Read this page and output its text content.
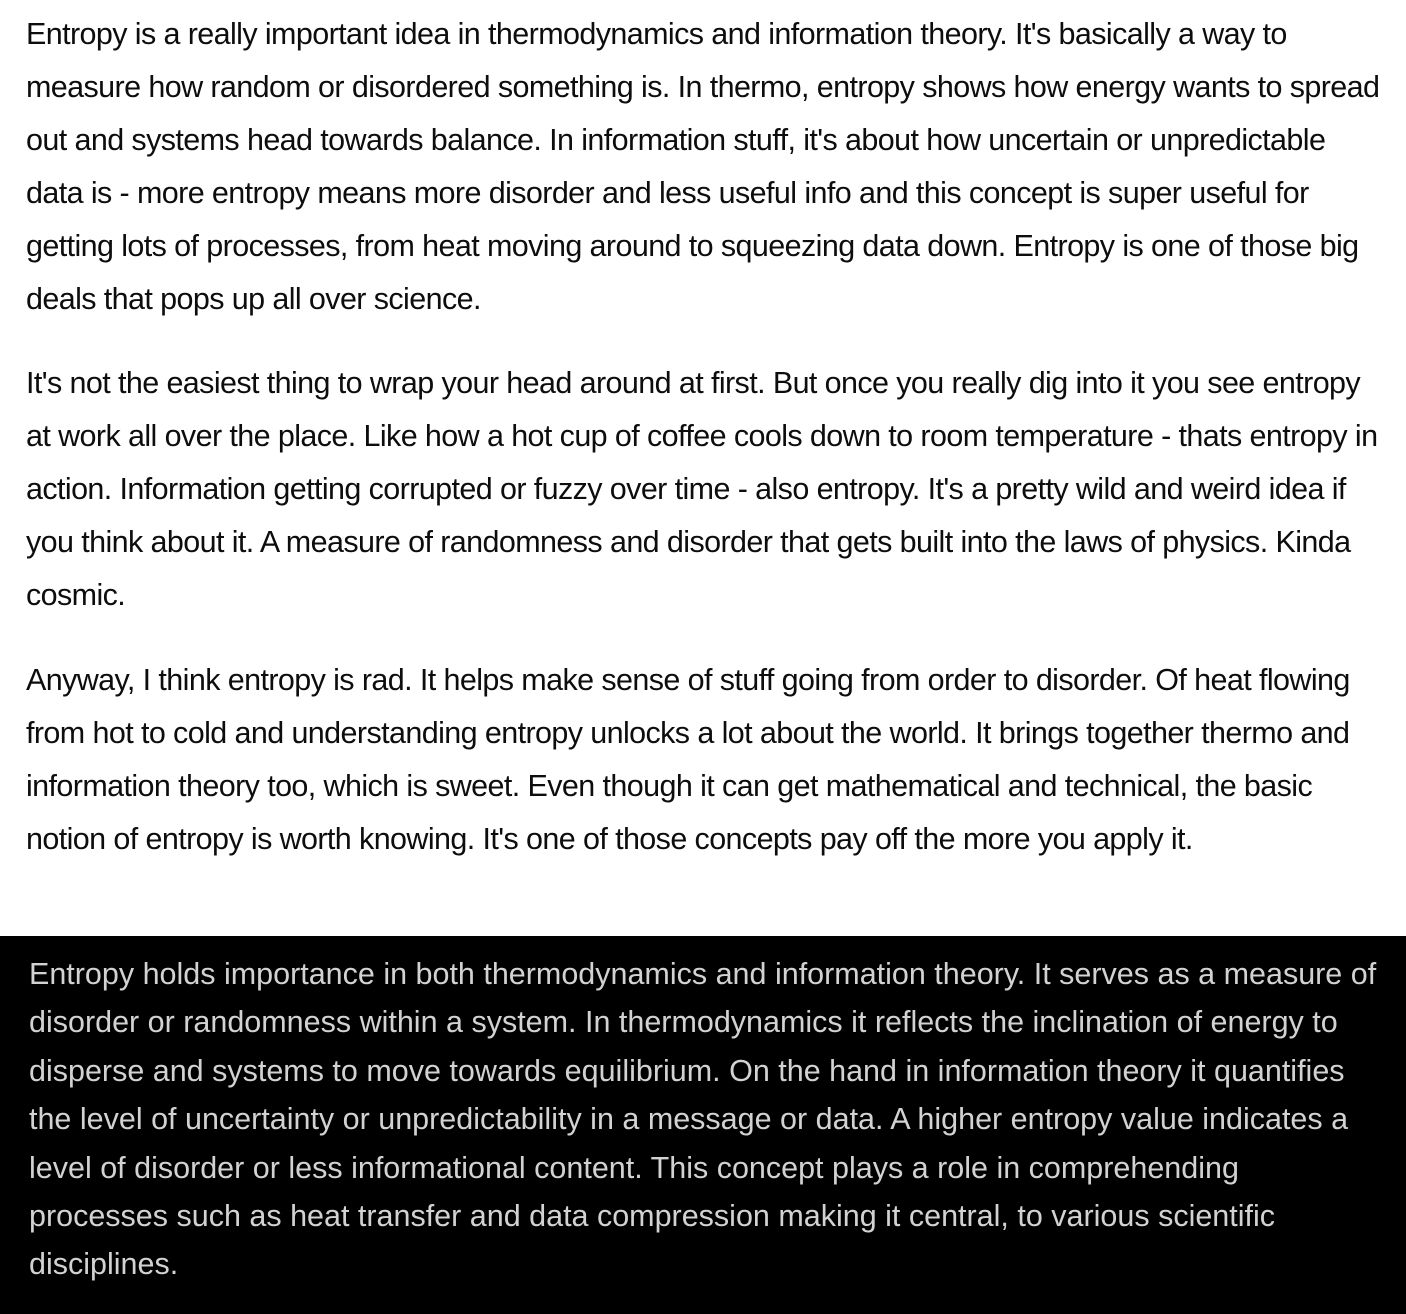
Entropy is a really important idea in thermodynamics and information theory. It's basically a way to measure how random or disordered something is. In thermo, entropy shows how energy wants to spread out and systems head towards balance. In information stuff, it's about how uncertain or unpredictable data is - more entropy means more disorder and less useful info and this concept is super useful for getting lots of processes, from heat moving around to squeezing data down. Entropy is one of those big deals that pops up all over science.

It's not the easiest thing to wrap your head around at first. But once you really dig into it you see entropy at work all over the place. Like how a hot cup of coffee cools down to room temperature - thats entropy in action. Information getting corrupted or fuzzy over time - also entropy. It's a pretty wild and weird idea if you think about it. A measure of randomness and disorder that gets built into the laws of physics. Kinda cosmic.

Anyway, I think entropy is rad. It helps make sense of stuff going from order to disorder. Of heat flowing from hot to cold and understanding entropy unlocks a lot about the world. It brings together thermo and information theory too, which is sweet. Even though it can get mathematical and technical, the basic notion of entropy is worth knowing. It's one of those concepts pay off the more you apply it.

Entropy holds importance in both thermodynamics and information theory. It serves as a measure of disorder or randomness within a system. In thermodynamics it reflects the inclination of energy to disperse and systems to move towards equilibrium. On the hand in information theory it quantifies the level of uncertainty or unpredictability in a message or data. A higher entropy value indicates a level of disorder or less informational content. This concept plays a role in comprehending processes such as heat transfer and data compression making it central, to various scientific disciplines.
